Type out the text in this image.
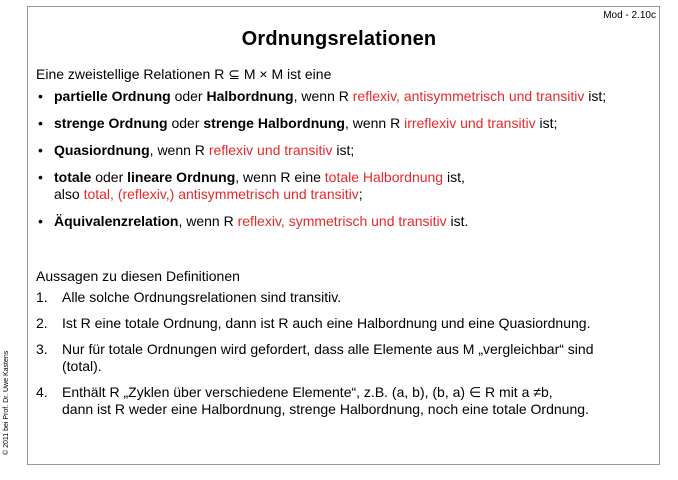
Mod - 2.10c
Ordnungsrelationen
© 2011 bei Prof. Dr. Uwe Kastens
Eine zweistellige Relationen R ⊆ M × M ist eine
• partielle Ordnung oder Halbordnung, wenn R reflexiv, antisymmetrisch und transitiv ist;
• strenge Ordnung oder strenge Halbordnung, wenn R irreflexiv und transitiv ist;
• Quasiordnung, wenn R reflexiv und transitiv ist;
• totale oder lineare Ordnung, wenn R eine totale Halbordnung ist,
also total, (reflexiv,) antisymmetrisch und transitiv;
• Äquivalenzrelation, wenn R reflexiv, symmetrisch und transitiv ist.
Aussagen zu diesen Definitionen
1. Alle solche Ordnungsrelationen sind transitiv.
2. Ist R eine totale Ordnung, dann ist R auch eine Halbordnung und eine Quasiordnung.
3. Nur für totale Ordnungen wird gefordert, dass alle Elemente aus M „vergleichbar“ sind
(total).
4. Enthält R „Zyklen über verschiedene Elemente“, z.B. (a, b), (b, a) ∈ R mit a ≠b,
dann ist R weder eine Halbordnung, strenge Halbordnung, noch eine totale Ordnung.
